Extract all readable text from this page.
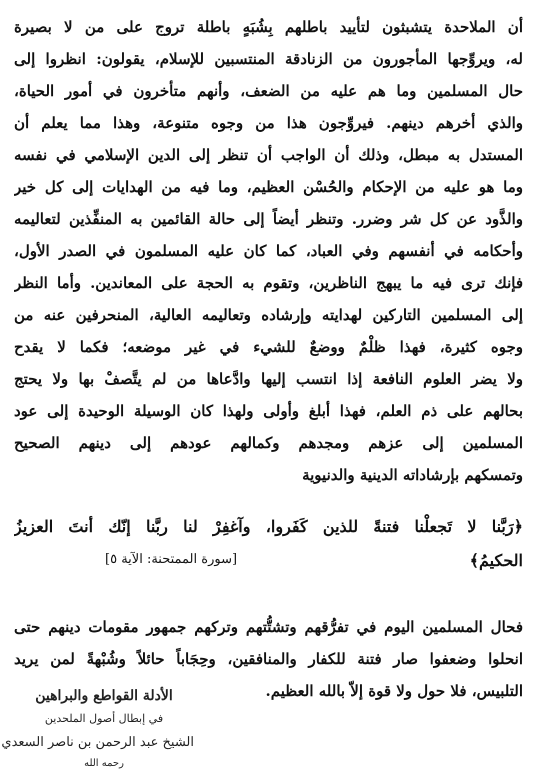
أن الملاحدة يتشبثون لتأييد باطلهم بِشُبَهٍ باطلة تروج على من لا بصيرة
له، ويروِّجها المأجورون من الزنادقة المنتسبين للإسلام، يقولون: انظروا إلى
حال المسلمين وما هم عليه من الضعف، وأنهم متأخرون في أمور الحياة،
والذي أخرهم دينهم. فيروِّجون هذا من وجوه متنوعة، وهذا مما يعلم أن
المستدل به مبطل، وذلك أن الواجب أن تنظر إلى الدين الإسلامي في نفسه
وما هو عليه من الإحكام والحُسْن العظيم، وما فيه من الهدايات إلى كل خير
والذَّود عن كل شر وضرر. وتنظر أيضاً إلى حالة القائمين به المنفِّذين لتعاليمه
وأحكامه في أنفسهم وفي العباد، كما كان عليه المسلمون في الصدر الأول،
فإنك ترى فيه ما يبهج الناظرين، وتقوم به الحجة على المعاندين. وأما النظر
إلى المسلمين التاركين لهدايته وإرشاده وتعاليمه العالية، المنحرفين عنه من
وجوه كثيرة، فهذا ظلْمٌ ووضعٌ للشيء في غير موضعه؛ فكما لا يقدح
ولا يضر العلوم النافعة إذا انتسب إليها وادَّعاها من لم يتَّصفْ بها ولا يحتج
بحالهم على ذم العلم، فهذا أبلغ وأولى ولهذا كان الوسيلة الوحيدة إلى عود
المسلمين إلى عزهم ومجدهم وكمالهم عودهم إلى دينهم الصحيح
وتمسكهم بإرشاداته الدينية والدنيوية
﴿رَبَّنا لا تَجعلْنا فتنةً للذين كَفَروا، وآغفِرْ لنا ربَّنا إنّك أنتَ العزيزُ
الحكيمُ﴾
[سورة الممتحنة: الآية ٥]
فحال المسلمين اليوم في تفرُّقهم وتشتُّتهم وتركهم جمهور مقومات دينهم حتى
انحلوا وضعفوا صار فتنة للكفار والمنافقين، وحِجَاباً حائلاً وشُبْهةً لمن يريد
التلبيس، فلا حول ولا قوة إلاّ بالله العظيم.
الأدلة القواطع والبراهين
في إبطال أصول الملحدين
الشيخ عبد الرحمن بن ناصر السعدي
رحمه الله
